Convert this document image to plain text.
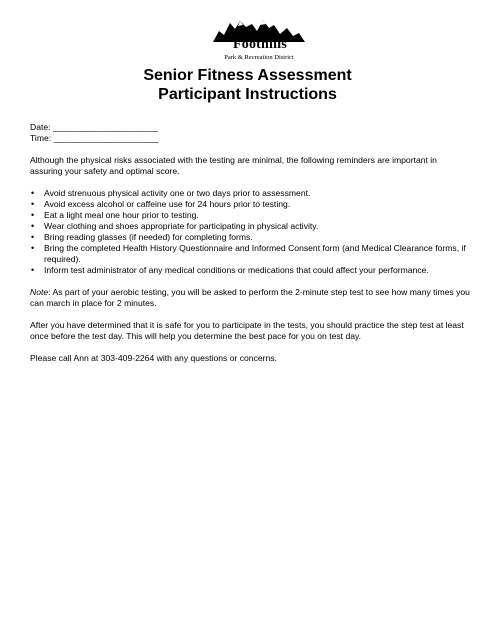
Foothills
Park & Recreation District
Senior Fitness Assessment
Participant Instructions

Date: ______________________

Time: ______________________

Although the physical risks associated with the testing are minimal, the following reminders are important in assuring your safety and optimal score.

• Avoid strenuous physical activity one or two days prior to assessment.
• Avoid excess alcohol or caffeine use for 24 hours prior to testing.
• Eat a light meal one hour prior to testing.
• Wear clothing and shoes appropriate for participating in physical activity.
• Bring reading glasses (if needed) for completing forms.
• Bring the completed Health History Questionnaire and Informed Consent form (and Medical Clearance forms, if required).
• Inform test administrator of any medical conditions or medications that could affect your performance.

Note: As part of your aerobic testing, you will be asked to perform the 2-minute step test to see how many times you can march in place for 2 minutes.

After you have determined that it is safe for you to participate in the tests, you should practice the step test at least once before the test day. This will help you determine the best pace for you on test day.

Please call Ann at 303-409-2264 with any questions or concerns.
